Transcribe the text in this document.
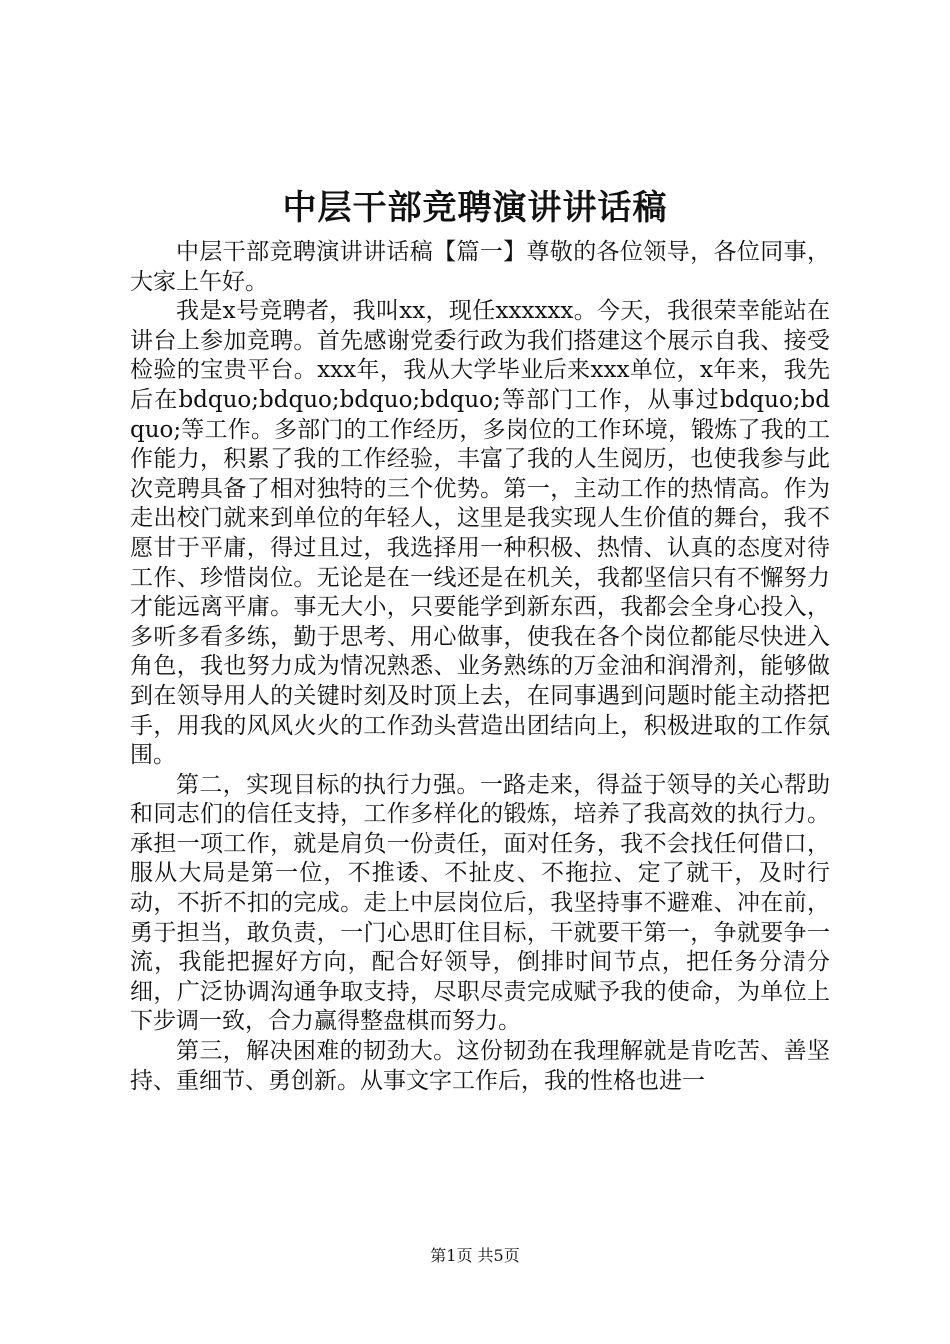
中层干部竞聘演讲讲话稿

中层干部竞聘演讲讲话稿【篇一】尊敬的各位领导，各位同事，大家上午好。

我是x号竞聘者，我叫xx，现任xxxxxx。今天，我很荣幸能站在讲台上参加竞聘。首先感谢党委行政为我们搭建这个展示自我、接受检验的宝贵平台。xxx年，我从大学毕业后来xxx单位，x年来，我先后在bdquo;bdquo;bdquo;bdquo;等部门工作，从事过bdquo;bdquo;等工作。多部门的工作经历，多岗位的工作环境，锻炼了我的工作能力，积累了我的工作经验，丰富了我的人生阅历，也使我参与此次竞聘具备了相对独特的三个优势。第一，主动工作的热情高。作为走出校门就来到单位的年轻人，这里是我实现人生价值的舞台，我不愿甘于平庸，得过且过，我选择用一种积极、热情、认真的态度对待工作、珍惜岗位。无论是在一线还是在机关，我都坚信只有不懈努力才能远离平庸。事无大小，只要能学到新东西，我都会全身心投入，多听多看多练，勤于思考、用心做事，使我在各个岗位都能尽快进入角色，我也努力成为情况熟悉、业务熟练的万金油和润滑剂，能够做到在领导用人的关键时刻及时顶上去，在同事遇到问题时能主动搭把手，用我的风风火火的工作劲头营造出团结向上，积极进取的工作氛围。

第二，实现目标的执行力强。一路走来，得益于领导的关心帮助和同志们的信任支持，工作多样化的锻炼，培养了我高效的执行力。承担一项工作，就是肩负一份责任，面对任务，我不会找任何借口，服从大局是第一位，不推诿、不扯皮、不拖拉、定了就干，及时行动，不折不扣的完成。走上中层岗位后，我坚持事不避难、冲在前，勇于担当，敢负责，一门心思盯住目标，干就要干第一，争就要争一流，我能把握好方向，配合好领导，倒排时间节点，把任务分清分细，广泛协调沟通争取支持，尽职尽责完成赋予我的使命，为单位上下步调一致，合力赢得整盘棋而努力。

第三，解决困难的韧劲大。这份韧劲在我理解就是肯吃苦、善坚持、重细节、勇创新。从事文字工作后，我的性格也进一

第1页 共5页
